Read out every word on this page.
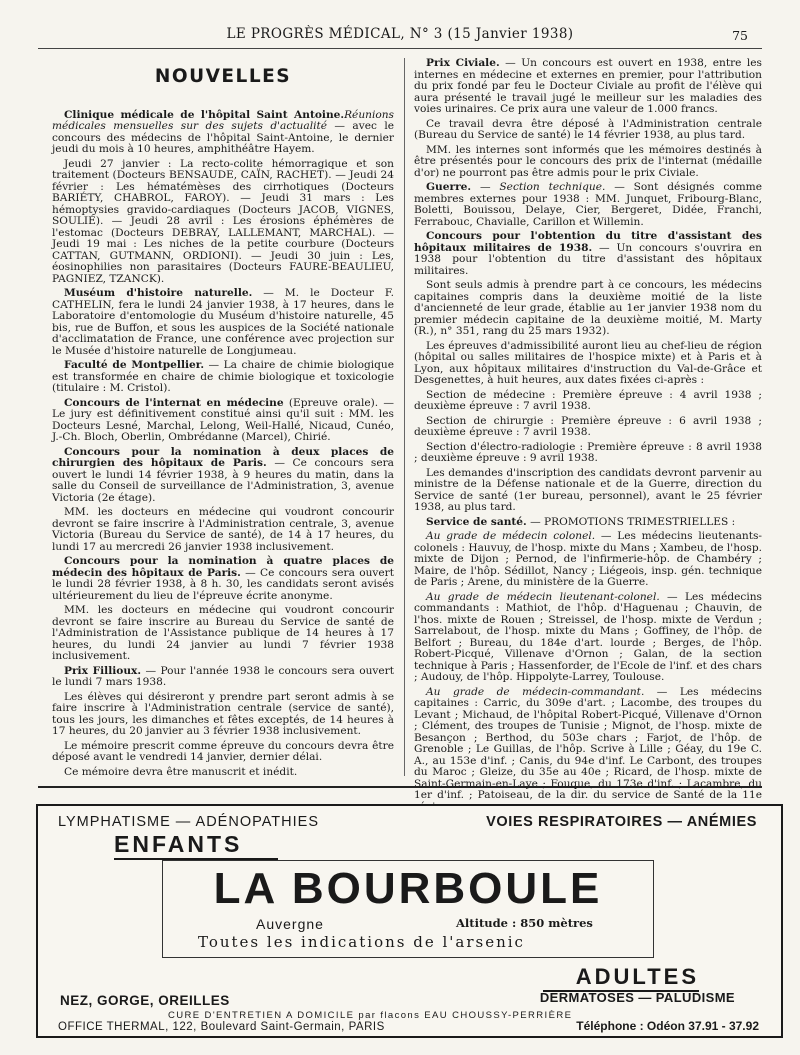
LE PROGRÈS MÉDICAL, N° 3 (15 Janvier 1938)	75
NOUVELLES

Clinique médicale de l'hôpital Saint Antoine.Réunions médicales mensuelles sur des sujets d'actualité — avec le concours des médecins de l'hôpital Saint-Antoine, le dernier jeudi du mois à 10 heures, amphithéâtre Hayem.

Jeudi 27 janvier : La recto-colite hémorragique et son traitement (Docteurs BENSAUDE, CAÏN, RACHET). — Jeudi 24 février : Les hématémèses des cirrhotiques (Docteurs BARIÉTY, CHABROL, FAROY). — Jeudi 31 mars : Les hémoptysies gravido-cardiaques (Docteurs JACOB, VIGNES, SOULIÉ). — Jeudi 28 avril : Les érosions éphémères de l'estomac (Docteurs DEBRAY, LALLEMANT, MARCHAL). — Jeudi 19 mai : Les niches de la petite courbure (Docteurs CATTAN, GUTMANN, ORDIONI). — Jeudi 30 juin : Les, éosinophilies non parasitaires (Docteurs FAURE-BEAULIEU, PAGNIEZ, TZANCK).

Muséum d'histoire naturelle. — M. le Docteur F. CATHELIN, fera le lundi 24 janvier 1938, à 17 heures, dans le Laboratoire d'entomologie du Muséum d'histoire naturelle, 45 bis, rue de Buffon, et sous les auspices de la Société nationale d'acclimatation de France, une conférence avec projection sur le Musée d'histoire naturelle de Longjumeau.

Faculté de Montpellier. — La chaire de chimie biologique est transformée en chaire de chimie biologique et toxicologie (titulaire : M. Cristol).

Concours de l'internat en médecine (Epreuve orale). — Le jury est définitivement constitué ainsi qu'il suit : MM. les Docteurs Lesné, Marchal, Lelong, Weil-Hallé, Nicaud, Cunéo, J.-Ch. Bloch, Oberlin, Ombrédanne (Marcel), Chirié.

Concours pour la nomination à deux places de chirurgien des hôpitaux de Paris. — Ce concours sera ouvert le lundi 14 février 1938, à 9 heures du matin, dans la salle du Conseil de surveillance de l'Administration, 3, avenue Victoria (2e étage).

MM. les docteurs en médecine qui voudront concourir devront se faire inscrire à l'Administration centrale, 3, avenue Victoria (Bureau du Service de santé), de 14 à 17 heures, du lundi 17 au mercredi 26 janvier 1938 inclusivement.

Concours pour la nomination à quatre places de médecin des hôpitaux de Paris. — Ce concours sera ouvert le lundi 28 février 1938, à 8 h. 30, les candidats seront avisés ultérieurement du lieu de l'épreuve écrite anonyme.

MM. les docteurs en médecine qui voudront concourir devront se faire inscrire au Bureau du Service de santé de l'Administration de l'Assistance publique de 14 heures à 17 heures, du lundi 24 janvier au lundi 7 février 1938 inclusivement.

Prix Fillioux. — Pour l'année 1938 le concours sera ouvert le lundi 7 mars 1938.

Les élèves qui désireront y prendre part seront admis à se faire inscrire à l'Administration centrale (service de santé), tous les jours, les dimanches et fêtes exceptés, de 14 heures à 17 heures, du 20 janvier au 3 février 1938 inclusivement.

Le mémoire prescrit comme épreuve du concours devra être déposé avant le vendredi 14 janvier, dernier délai.

Ce mémoire devra être manuscrit et inédit.

Prix Civiale. — Un concours est ouvert en 1938, entre les internes en médecine et externes en premier, pour l'attribution du prix fondé par feu le Docteur Civiale au profit de l'élève qui aura présenté le travail jugé le meilleur sur les maladies des voies urinaires. Ce prix aura une valeur de 1.000 francs.

Ce travail devra être déposé à l'Administration centrale (Bureau du Service de santé) le 14 février 1938, au plus tard.

MM. les internes sont informés que les mémoires destinés à être présentés pour le concours des prix de l'internat (médaille d'or) ne pourront pas être admis pour le prix Civiale.

Guerre. — Section technique. — Sont désignés comme membres externes pour 1938 : MM. Junquet, Fribourg-Blanc, Boletti, Bouissou, Delaye, Cier, Bergeret, Didée, Franchi, Ferrabouc, Chavialle, Carillon et Willemin.

Concours pour l'obtention du titre d'assistant des hôpitaux militaires de 1938. — Un concours s'ouvrira en 1938 pour l'obtention du titre d'assistant des hôpitaux militaires.

Sont seuls admis à prendre part à ce concours, les médecins capitaines compris dans la deuxième moitié de la liste d'ancienneté de leur grade, établie au 1er janvier 1938 nom du premier médecin capitaine de la deuxième moitié, M. Marty (R.), n° 351, rang du 25 mars 1932).

Les épreuves d'admissibilité auront lieu au chef-lieu de région (hôpital ou salles militaires de l'hospice mixte) et à Paris et à Lyon, aux hôpitaux militaires d'instruction du Val-de-Grâce et Desgenettes, à huit heures, aux dates fixées ci-après :

Section de médecine : Première épreuve : 4 avril 1938 ; deuxième épreuve : 7 avril 1938.

Section de chirurgie : Première épreuve : 6 avril 1938 ; deuxième épreuve : 7 avril 1938.

Section d'électro-radiologie : Première épreuve : 8 avril 1938 ; deuxième épreuve : 9 avril 1938.

Les demandes d'inscription des candidats devront parvenir au ministre de la Défense nationale et de la Guerre, direction du Service de santé (1er bureau, personnel), avant le 25 février 1938, au plus tard.

Service de santé. — PROMOTIONS TRIMESTRIELLES :

Au grade de médecin colonel. — Les médecins lieutenants-colonels : Hauvuy, de l'hosp. mixte du Mans ; Xambeu, de l'hosp. mixte de Dijon ; Pernod, de l'infirmerie-hôp. de Chambéry ; Maire, de l'hôp. Sédillot, Nancy ; Liégeois, insp. gén. technique de Paris ; Arene, du ministère de la Guerre.

Au grade de médecin lieutenant-colonel. — Les médecins commandants : Mathiot, de l'hôp. d'Haguenau ; Chauvin, de l'hos. mixte de Rouen ; Streissel, de l'hosp. mixte de Verdun ; Sarrelabout, de l'hosp. mixte du Mans ; Goffiney, de l'hôp. de Belfort ; Bureau, du 184e d'art. lourde ; Berges, de l'hôp. Robert-Picqué, Villenave d'Ornon ; Galan, de la section technique à Paris ; Hassenforder, de l'Ecole de l'inf. et des chars ; Audouy, de l'hôp. Hippolyte-Larrey, Toulouse.

Au grade de médecin-commandant. — Les médecins capitaines : Carric, du 309e d'art. ; Lacombe, des troupes du Levant ; Michaud, de l'hôpital Robert-Picqué, Villenave d'Ornon ; Clément, des troupes de Tunisie ; Mignot, de l'hosp. mixte de Besançon ; Berthod, du 503e chars ; Farjot, de l'hôp. de Grenoble ; Le Guillas, de l'hôp. Scrive à Lille ; Géay, du 19e C. A., au 153e d'inf. ; Canis, du 94e d'inf. Le Carbont, des troupes du Maroc ; Gleize, du 35e au 40e ; Ricard, de l'hosp. mixte de Saint-Germain-en-Laye ; Fouque, du 173e d'inf. ; Lacambre, du 1er d'inf. ; Patoiseau, de la dir. du service de Santé de la 11e

LYMPHATISME — ADÉNOPATHIES	VOIES RESPIRATOIRES — ANÉMIES
ENFANTS
LA BOURBOULE
Auvergne	Altitude : 850 mètres
Toutes les indications de l'arsenic
ADULTES
NEZ, GORGE, OREILLES	DERMATOSES — PALUDISME
CURE D'ENTRETIEN A DOMICILE par flacons EAU CHOUSSY-PERRIÈRE
OFFICE THERMAL, 122, Boulevard Saint-Germain, PARIS	Téléphone : Odéon 37.91 - 37.92
